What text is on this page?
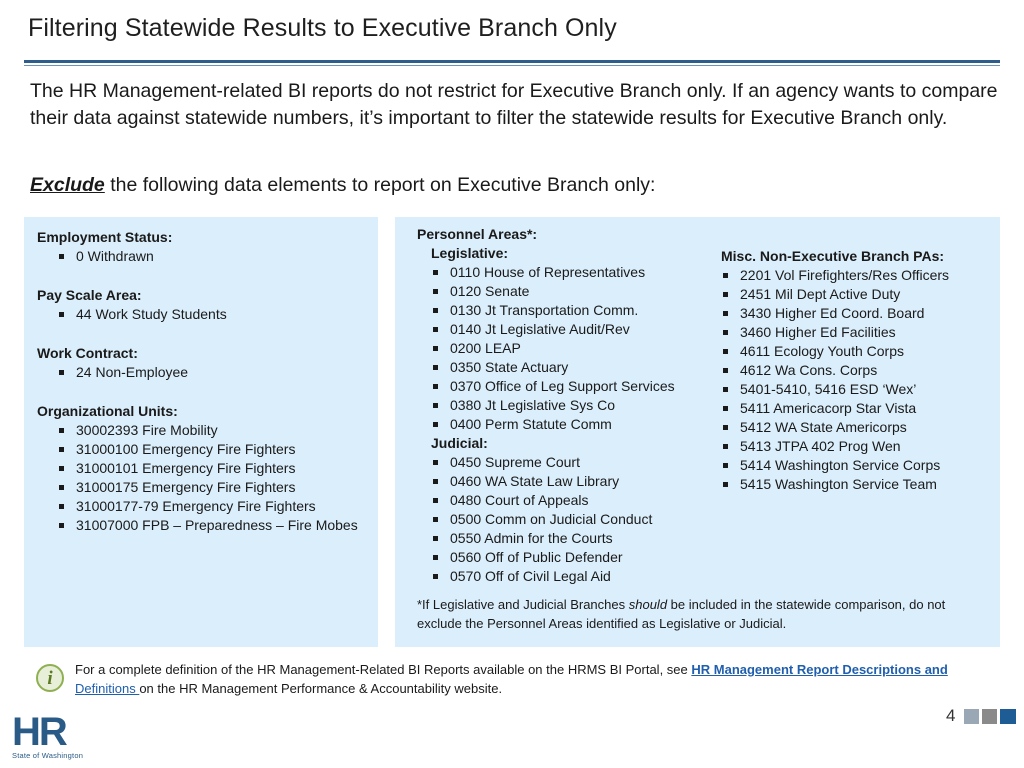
Filtering Statewide Results to Executive Branch Only
The HR Management-related BI reports do not restrict for Executive Branch only. If an agency wants to compare their data against statewide numbers, it’s important to filter the statewide results for Executive Branch only.
Exclude the following data elements to report on Executive Branch only:
Employment Status:
0 Withdrawn
Pay Scale Area:
44 Work Study Students
Work Contract:
24 Non-Employee
Organizational Units:
30002393 Fire Mobility
31000100 Emergency Fire Fighters
31000101 Emergency Fire Fighters
31000175 Emergency Fire Fighters
31000177-79 Emergency Fire Fighters
31007000 FPB – Preparedness – Fire Mobes
Personnel Areas*:
Legislative:
0110 House of Representatives
0120 Senate
0130 Jt Transportation Comm.
0140 Jt Legislative Audit/Rev
0200 LEAP
0350 State Actuary
0370 Office of Leg Support Services
0380 Jt Legislative Sys Co
0400 Perm Statute Comm
Judicial:
0450 Supreme Court
0460 WA State Law Library
0480 Court of Appeals
0500 Comm on Judicial Conduct
0550 Admin for the Courts
0560 Off of Public Defender
0570 Off of Civil Legal Aid
Misc. Non-Executive Branch PAs:
2201 Vol Firefighters/Res Officers
2451 Mil Dept Active Duty
3430 Higher Ed Coord. Board
3460 Higher Ed Facilities
4611 Ecology Youth Corps
4612 Wa Cons. Corps
5401-5410, 5416 ESD ‘Wex’
5411 Americacorp Star Vista
5412 WA State Americorps
5413 JTPA 402 Prog Wen
5414 Washington Service Corps
5415 Washington Service Team
*If Legislative and Judicial Branches should be included in the statewide comparison, do not exclude the Personnel Areas identified as Legislative or Judicial.
i
For a complete definition of the HR Management-Related BI Reports available on the HRMS BI Portal, see HR Management Report Descriptions and
Definitions on the HR Management Performance & Accountability website.
HR
State of Washington
4
